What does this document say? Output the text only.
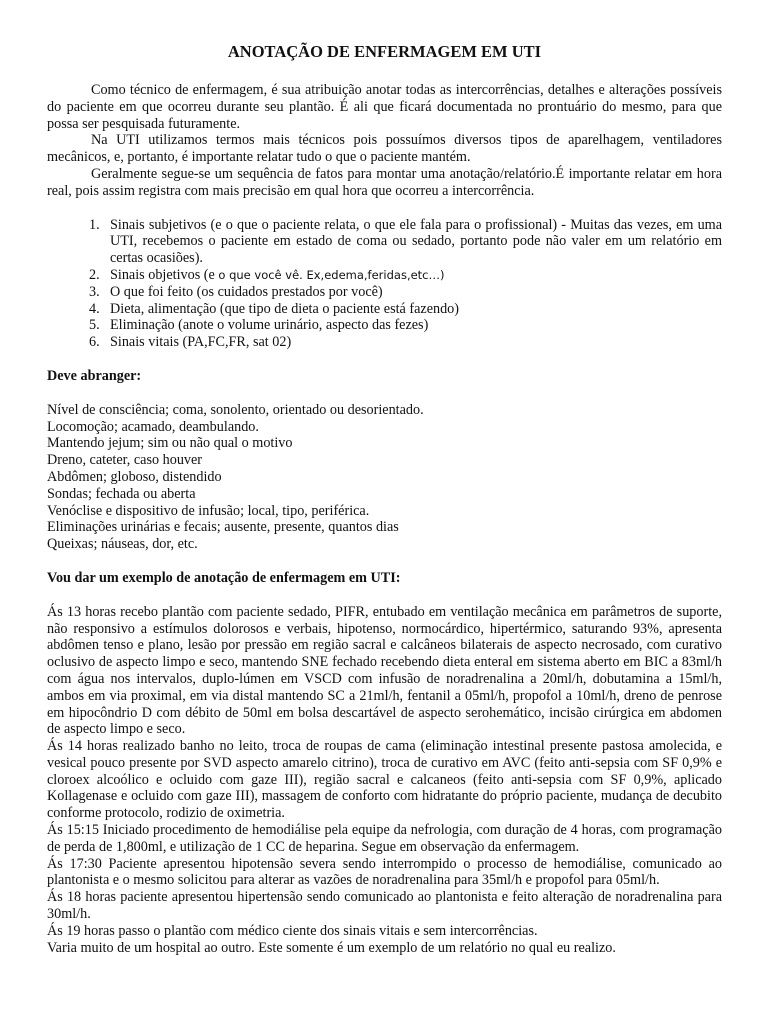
ANOTAÇÃO DE ENFERMAGEM EM UTI

Como técnico de enfermagem, é sua atribuição anotar todas as intercorrências, detalhes e alterações possíveis do paciente em que ocorreu durante seu plantão. É ali que ficará documentada no prontuário do mesmo, para que possa ser pesquisada futuramente.

Na UTI utilizamos termos mais técnicos pois possuímos diversos tipos de aparelhagem, ventiladores mecânicos, e, portanto, é importante relatar tudo o que o paciente mantém.

Geralmente segue-se um sequência de fatos para montar uma anotação/relatório.É importante relatar em hora real, pois assim registra com mais precisão em qual hora que ocorreu a intercorrência.

1. Sinais subjetivos (e o que o paciente relata, o que ele fala para o profissional) - Muitas das vezes, em uma UTI, recebemos o paciente em estado de coma ou sedado, portanto pode não valer em um relatório em certas ocasiões).
2. Sinais objetivos (e o que você vê. Ex,edema,feridas,etc…)
3. O que foi feito (os cuidados prestados por você)
4. Dieta, alimentação (que tipo de dieta o paciente está fazendo)
5. Eliminação (anote o volume urinário, aspecto das fezes)
6. Sinais vitais (PA,FC,FR, sat 02)
Deve abranger:
Nível de consciência; coma, sonolento, orientado ou desorientado.
Locomoção; acamado, deambulando.
Mantendo jejum; sim ou não qual o motivo
Dreno, cateter, caso houver
Abdômen; globoso, distendido
Sondas; fechada ou aberta
Venóclise e dispositivo de infusão; local, tipo, periférica.
Eliminações urinárias e fecais; ausente, presente, quantos dias
Queixas; náuseas, dor, etc.
Vou dar um exemplo de anotação de enfermagem em UTI:

Ás 13 horas recebo plantão com paciente sedado, PIFR, entubado em ventilação mecânica em parâmetros de suporte, não responsivo a estímulos dolorosos e verbais, hipotenso, normocárdico, hipertérmico, saturando 93%, apresenta abdômen tenso e plano, lesão por pressão em região sacral e calcâneos bilaterais de aspecto necrosado, com curativo oclusivo de aspecto limpo e seco, mantendo SNE fechado recebendo dieta enteral em sistema aberto em BIC a 83ml/h com água nos intervalos, duplo-lúmen em VSCD com infusão de noradrenalina a 20ml/h, dobutamina a 15ml/h, ambos em via proximal, em via distal mantendo SC a 21ml/h, fentanil a 05ml/h, propofol a 10ml/h, dreno de penrose em hipocôndrio D com débito de 50ml em bolsa descartável de aspecto serohemático, incisão cirúrgica em abdomen de aspecto limpo e seco.

Ás 14 horas realizado banho no leito, troca de roupas de cama (eliminação intestinal presente pastosa amolecida, e vesical pouco presente por SVD aspecto amarelo citrino), troca de curativo em AVC (feito anti-sepsia com SF 0,9% e cloroex alcoólico e ocluido com gaze III), região sacral e calcaneos (feito anti-sepsia com SF 0,9%, aplicado Kollagenase e ocluido com gaze III), massagem de conforto com hidratante do próprio paciente, mudança de decubito conforme protocolo, rodizio de oximetria.

Ás 15:15 Iniciado procedimento de hemodiálise pela equipe da nefrologia, com duração de 4 horas, com programação de perda de 1,800ml, e utilização de 1 CC de heparina. Segue em observação da enfermagem.

Ás 17:30 Paciente apresentou hipotensão severa sendo interrompido o processo de hemodiálise, comunicado ao plantonista e o mesmo solicitou para alterar as vazões de noradrenalina para 35ml/h e propofol para 05ml/h.

Ás 18 horas paciente apresentou hipertensão sendo comunicado ao plantonista e feito alteração de noradrenalina para 30ml/h.

Ás 19 horas passo o plantão com médico ciente dos sinais vitais e sem intercorrências.

Varia muito de um hospital ao outro. Este somente é um exemplo de um relatório no qual eu realizo.
